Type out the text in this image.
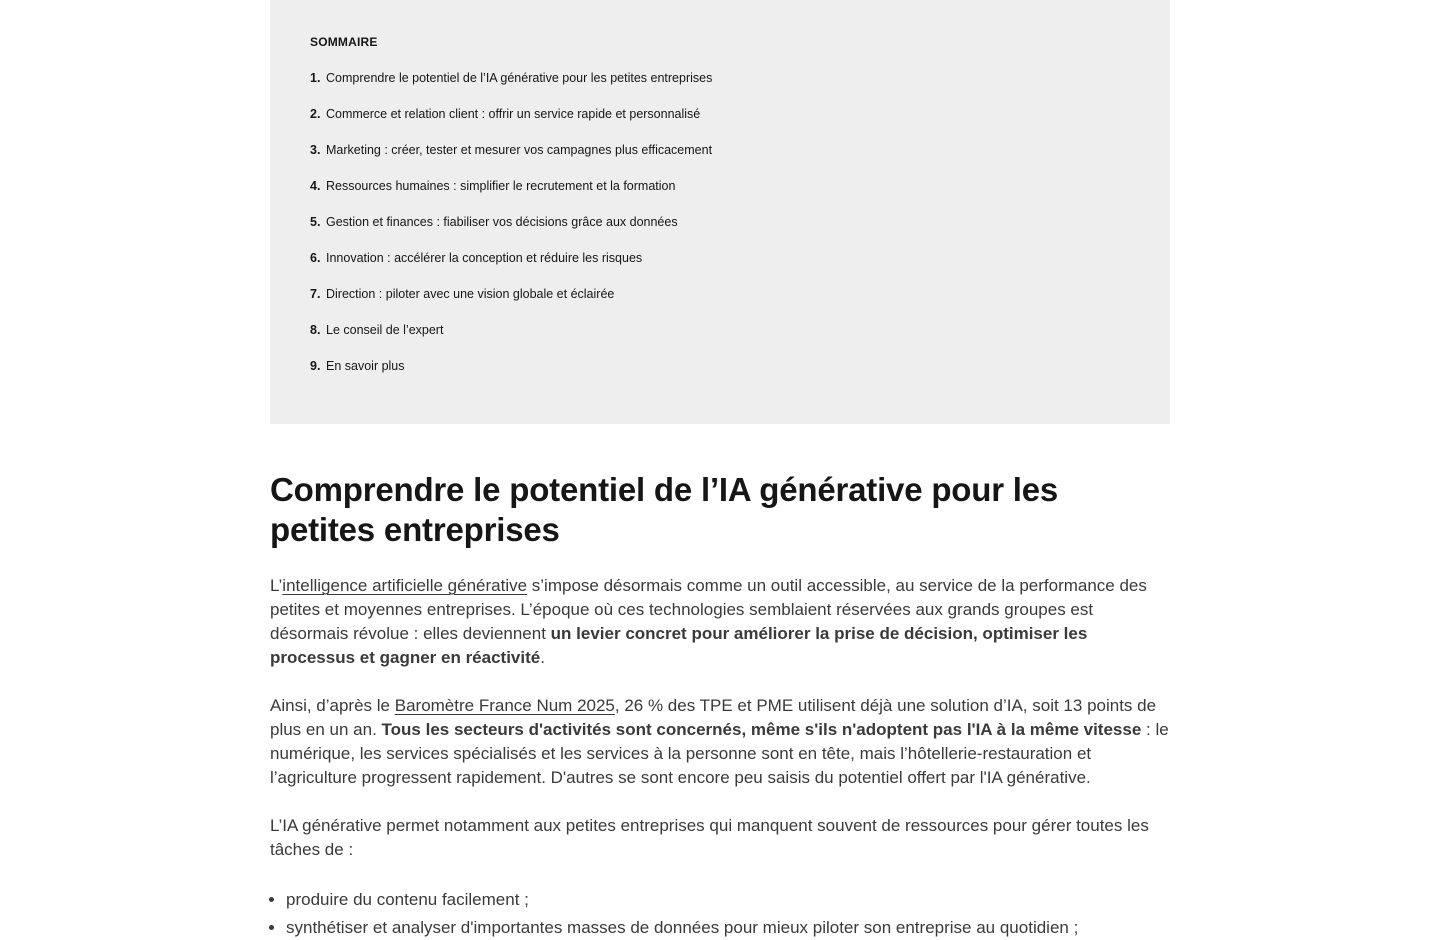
SOMMAIRE
1. Comprendre le potentiel de l’IA générative pour les petites entreprises
2. Commerce et relation client : offrir un service rapide et personnalisé
3. Marketing : créer, tester et mesurer vos campagnes plus efficacement
4. Ressources humaines : simplifier le recrutement et la formation
5. Gestion et finances : fiabiliser vos décisions grâce aux données
6. Innovation : accélérer la conception et réduire les risques
7. Direction : piloter avec une vision globale et éclairée
8. Le conseil de l’expert
9. En savoir plus
Comprendre le potentiel de l’IA générative pour les petites entreprises

L’intelligence artificielle générative s’impose désormais comme un outil accessible, au service de la performance des petites et moyennes entreprises. L’époque où ces technologies semblaient réservées aux grands groupes est désormais révolue : elles deviennent un levier concret pour améliorer la prise de décision, optimiser les processus et gagner en réactivité.

Ainsi, d’après le Baromètre France Num 2025, 26 % des TPE et PME utilisent déjà une solution d’IA, soit 13 points de plus en un an. Tous les secteurs d'activités sont concernés, même s'ils n'adoptent pas l'IA à la même vitesse : le numérique, les services spécialisés et les services à la personne sont en tête, mais l’hôtellerie-restauration et l’agriculture progressent rapidement. D'autres se sont encore peu saisis du potentiel offert par l'IA générative.

L’IA générative permet notamment aux petites entreprises qui manquent souvent de ressources pour gérer toutes les tâches de :

• produire du contenu facilement ;
• synthétiser et analyser d'importantes masses de données pour mieux piloter son entreprise au quotidien ;
